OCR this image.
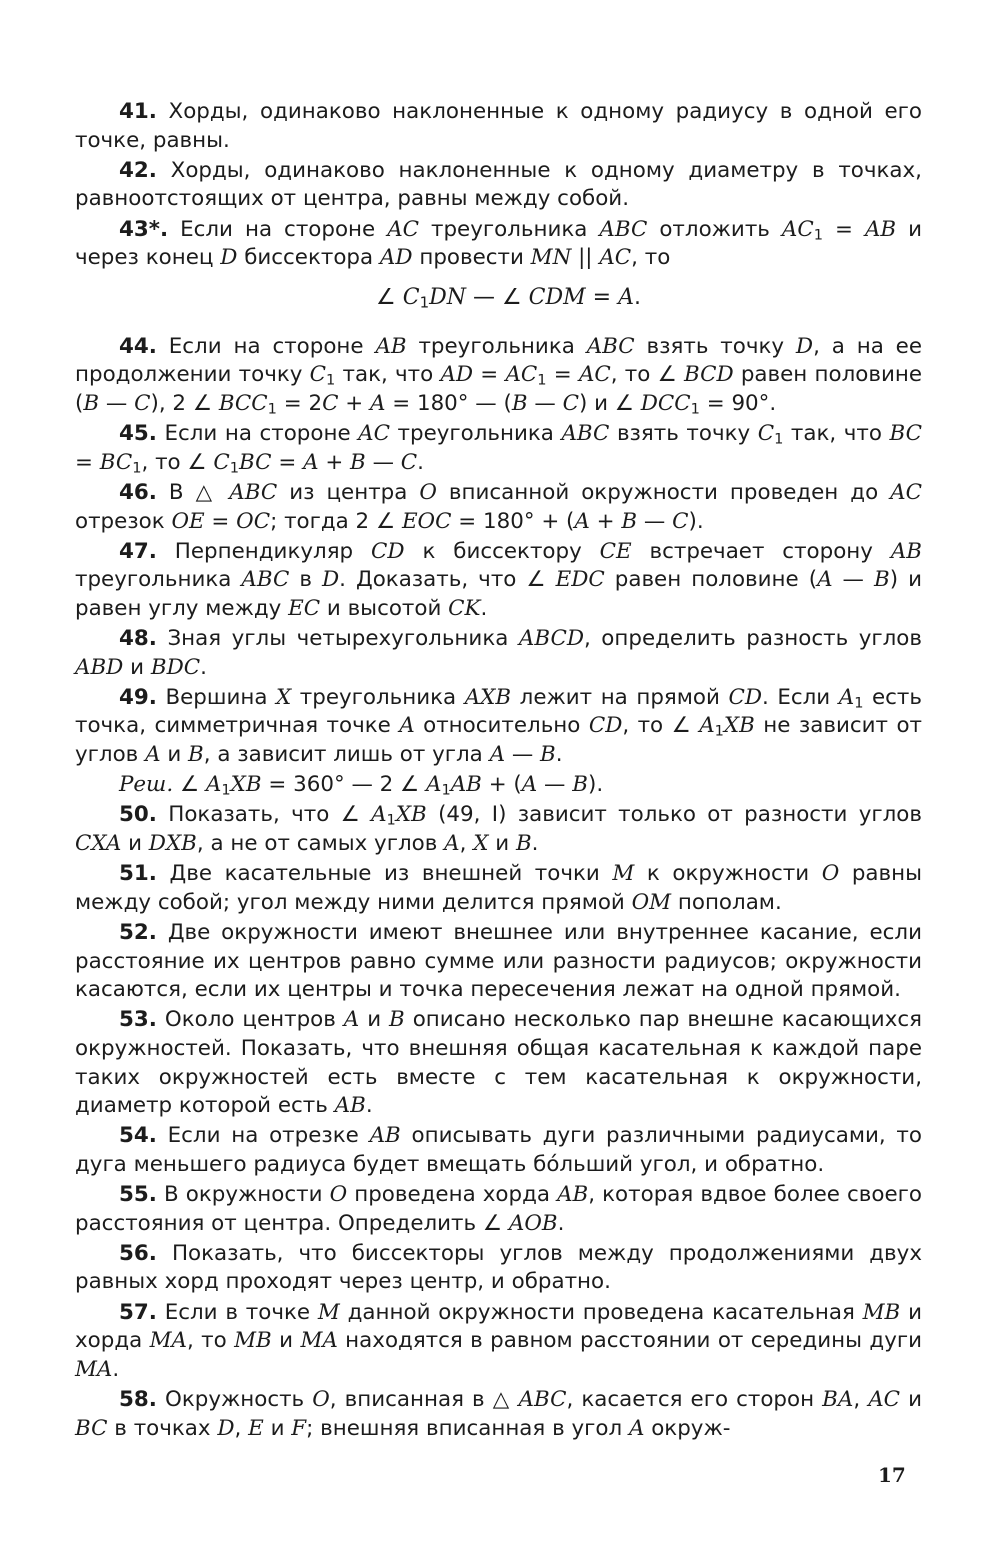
41. Хорды, одинаково наклоненные к одному радиусу в одной его точке, равны.
42. Хорды, одинаково наклоненные к одному диаметру в точках, равноотстоящих от центра, равны между собой.
43*. Если на стороне AC треугольника ABC отложить $AC_1$ = AB и через конец D биссектора AD провести MN || AC, то
∠ $C_1DN$ — ∠ CDM = A.
44. Если на стороне AB треугольника ABC взять точку D, а на ее продолжении точку $C_1$ так, что AD = $AC_1$ = AC, то ∠ BCD равен половине (B — C), 2 ∠ $BCC_1 = 2C + A = 180^\circ$ — (B — C) и ∠ $DCC_1 = 90^\circ$.
45. Если на стороне AC треугольника ABC взять точку $C_1$ так, что BC = $BC_1$, то ∠ $C_1BC = A + B$ — C.
46. В △ ABC из центра O вписанной окружности проведен до AC отрезок OE = OC; тогда 2 ∠ EOC = 180° + (A + B — C).
47. Перпендикуляр CD к биссектору CE встречает сторону AB треугольника ABC в D. Доказать, что ∠ EDC равен половине (A — B) и равен углу между EC и высотой CK.
48. Зная углы четырехугольника ABCD, определить разность углов ABD и BDC.
49. Вершина X треугольника AXB лежит на прямой CD. Если $A_1$ есть точка, симметричная точке A относительно CD, то ∠ $A_1XB$ не зависит от углов A и B, а зависит лишь от угла A — B.
Реш. ∠ $A_1XB = 360^\circ$ — 2 ∠ $A_1AB + (A$ — B).
50. Показать, что ∠ $A_1XB$ (49, I) зависит только от разности углов CXA и DXB, а не от самых углов A, X и B.
51. Две касательные из внешней точки M к окружности O равны между собой; угол между ними делится прямой OM пополам.
52. Две окружности имеют внешнее или внутреннее касание, если расстояние их центров равно сумме или разности радиусов; окружности касаются, если их центры и точка пересечения лежат на одной прямой.
53. Около центров A и B описано несколько пар внешне касающихся окружностей. Показать, что внешняя общая касательная к каждой паре таких окружностей есть вместе с тем касательная к окружности, диаметр которой есть AB.
54. Если на отрезке AB описывать дуги различными радиусами, то дуга меньшего радиуса будет вмещать бóльший угол, и обратно.
55. В окружности O проведена хорда AB, которая вдвое более своего расстояния от центра. Определить ∠ AOB.
56. Показать, что биссекторы углов между продолжениями двух равных хорд проходят через центр, и обратно.
57. Если в точке M данной окружности проведена касательная MB и хорда MA, то MB и MA находятся в равном расстоянии от середины дуги MA.
58. Окружность O, вписанная в △ ABC, касается его сторон BA, AC и BC в точках D, E и F; внешняя вписанная в угол A окруж-
17
